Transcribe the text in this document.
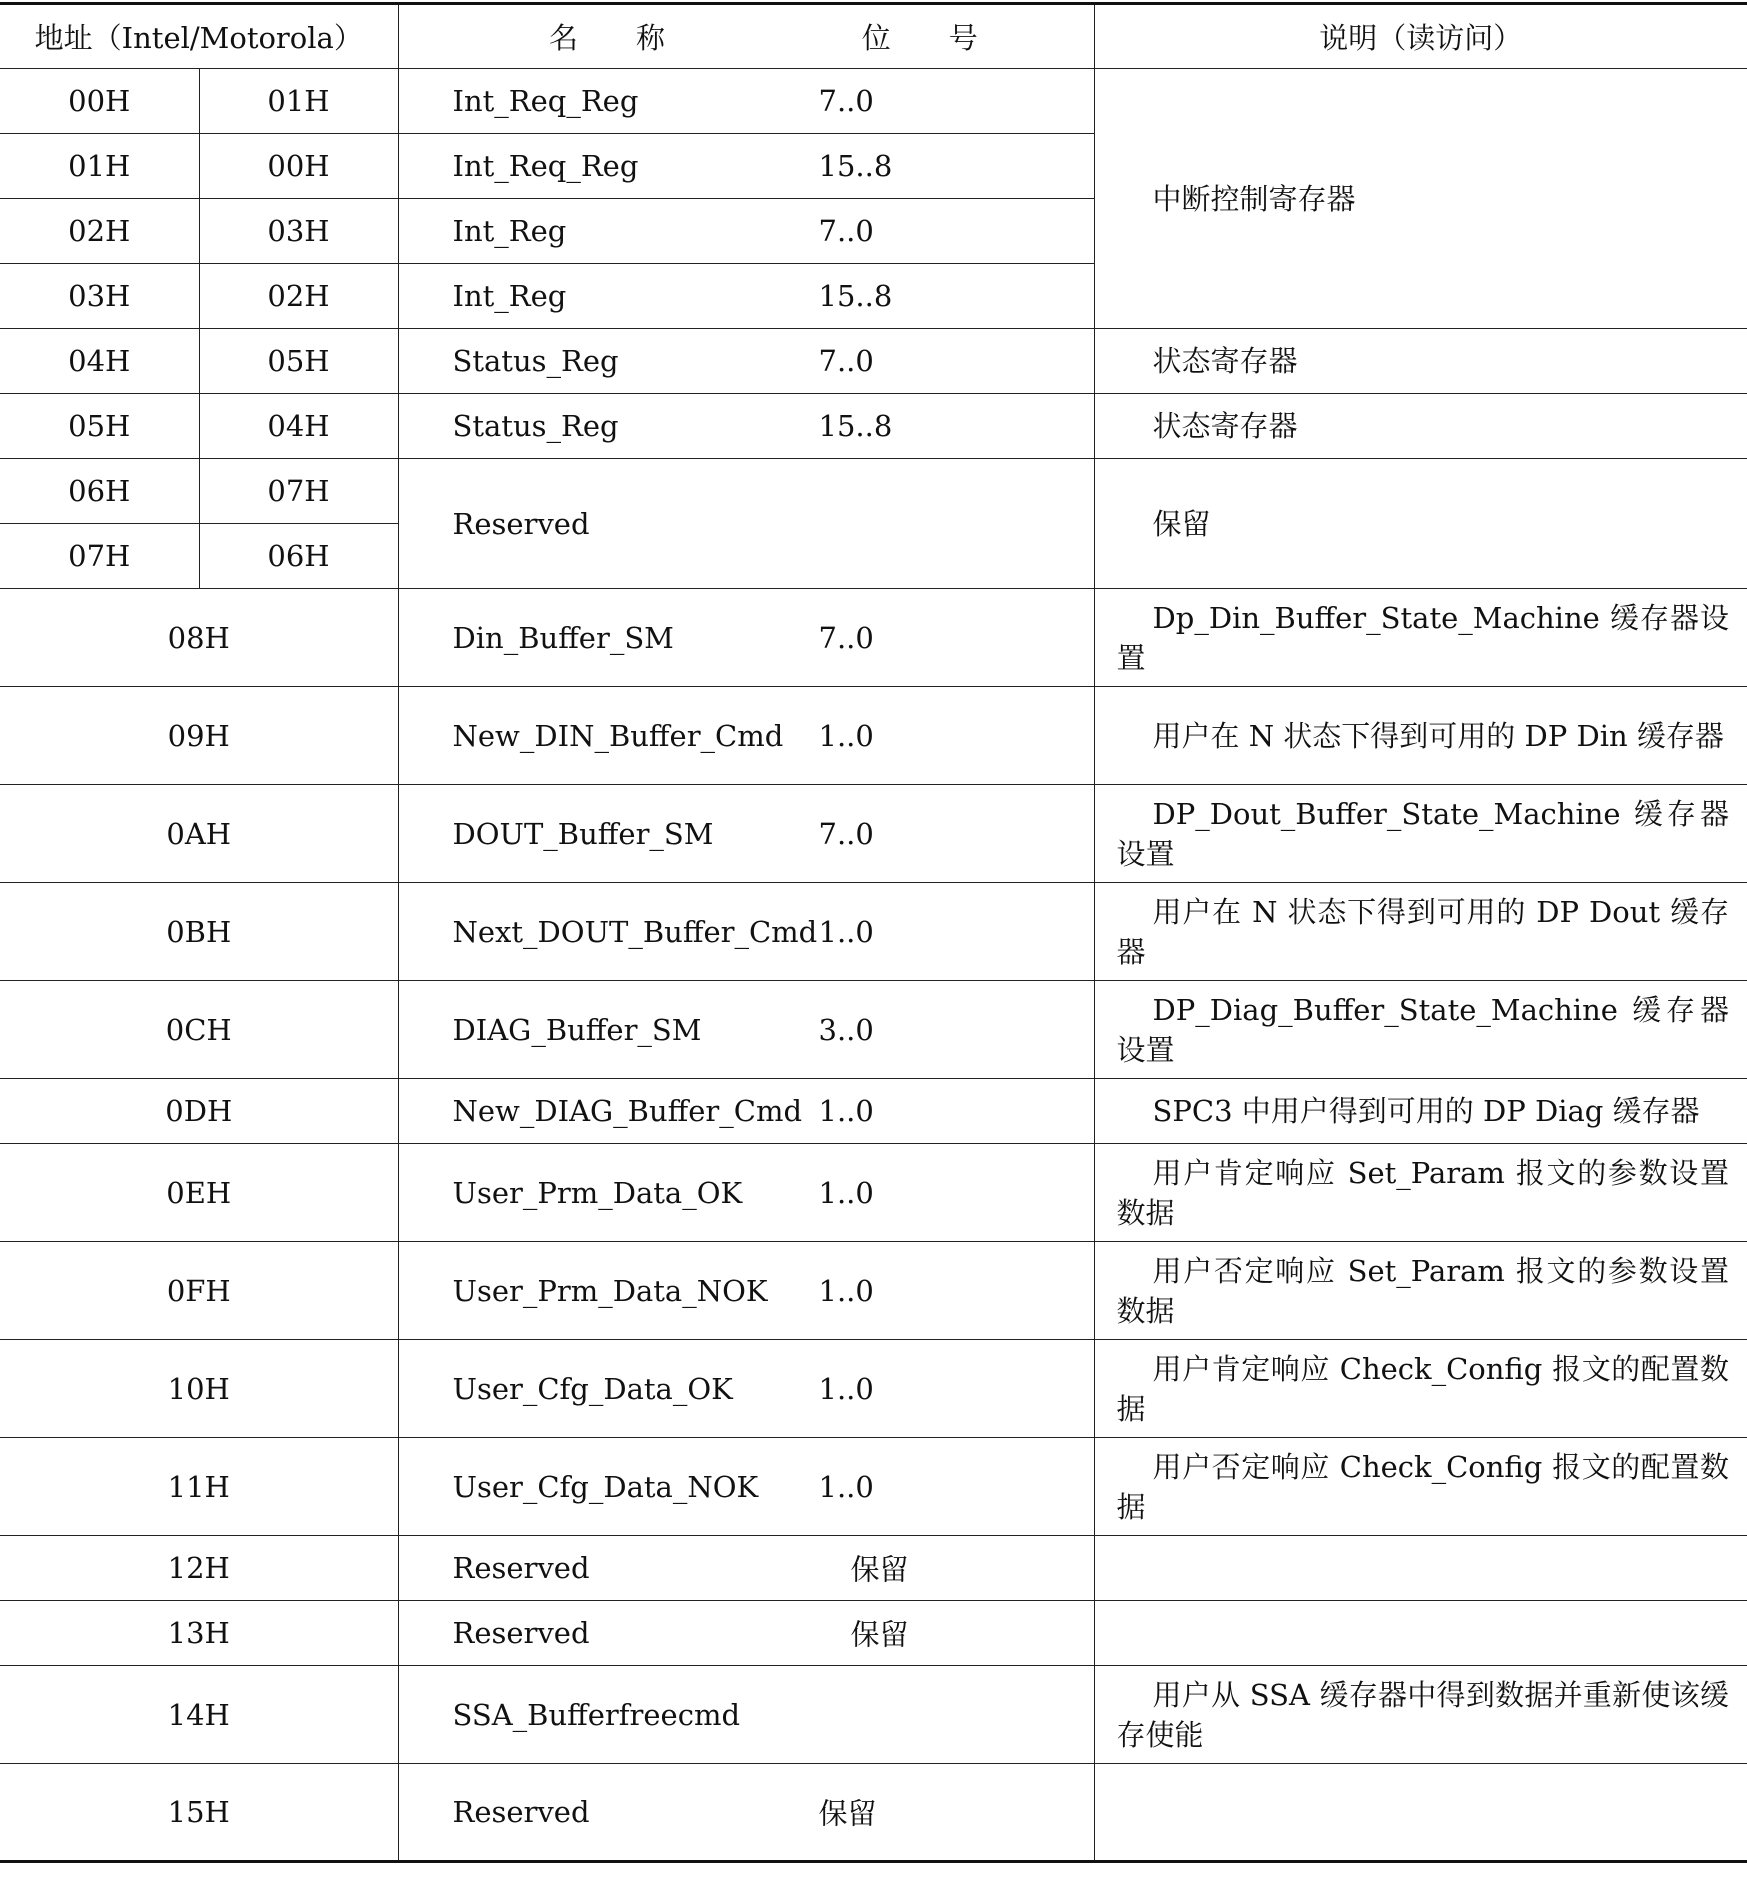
地址（Intel/Motorola）		名　　称 位　　号	说明（读访问）
00H	01H	Int_Req_Reg 7..0	中断控制寄存器
01H	00H	Int_Req_Reg 15..8	

02H	03H	Int_Reg 7..0	

03H	02H	Int_Reg 15..8	

04H	05H	Status_Reg 7..0	状态寄存器
05H	04H	Status_Reg 15..8	状态寄存器
06H	07H	Reserved	保留
07H	06H		
08H		Din_Buffer_SM 7..0	Dp_Din_Buffer_State_Machine 缓存器设置

09H		New_DIN_Buffer_Cmd 1..0	用户在 N 状态下得到可用的 DP Din 缓存器

0AH		DOUT_Buffer_SM 7..0	DP_Dout_Buffer_State_Machine 缓存器设置

0BH		Next_DOUT_Buffer_Cmd 1..0	用户在 N 状态下得到可用的 DP Dout 缓存器

0CH		DIAG_Buffer_SM 3..0	DP_Diag_Buffer_State_Machine 缓存器设置

0DH		New_DIAG_Buffer_Cmd 1..0	SPC3 中用户得到可用的 DP Diag 缓存器

0EH		User_Prm_Data_OK 1..0	用户肯定响应 Set_Param 报文的参数设置数据

0FH		User_Prm_Data_NOK 1..0	用户否定响应 Set_Param 报文的参数设置数据

10H		User_Cfg_Data_OK 1..0	用户肯定响应 Check_Config 报文的配置数据

11H		User_Cfg_Data_NOK 1..0	用户否定响应 Check_Config 报文的配置数据

12H		Reserved 保留	

13H		Reserved 保留	

14H		SSA_Bufferfreecmd	用户从 SSA 缓存器中得到数据并重新使该缓存使能

15H		Reserved 保留	
